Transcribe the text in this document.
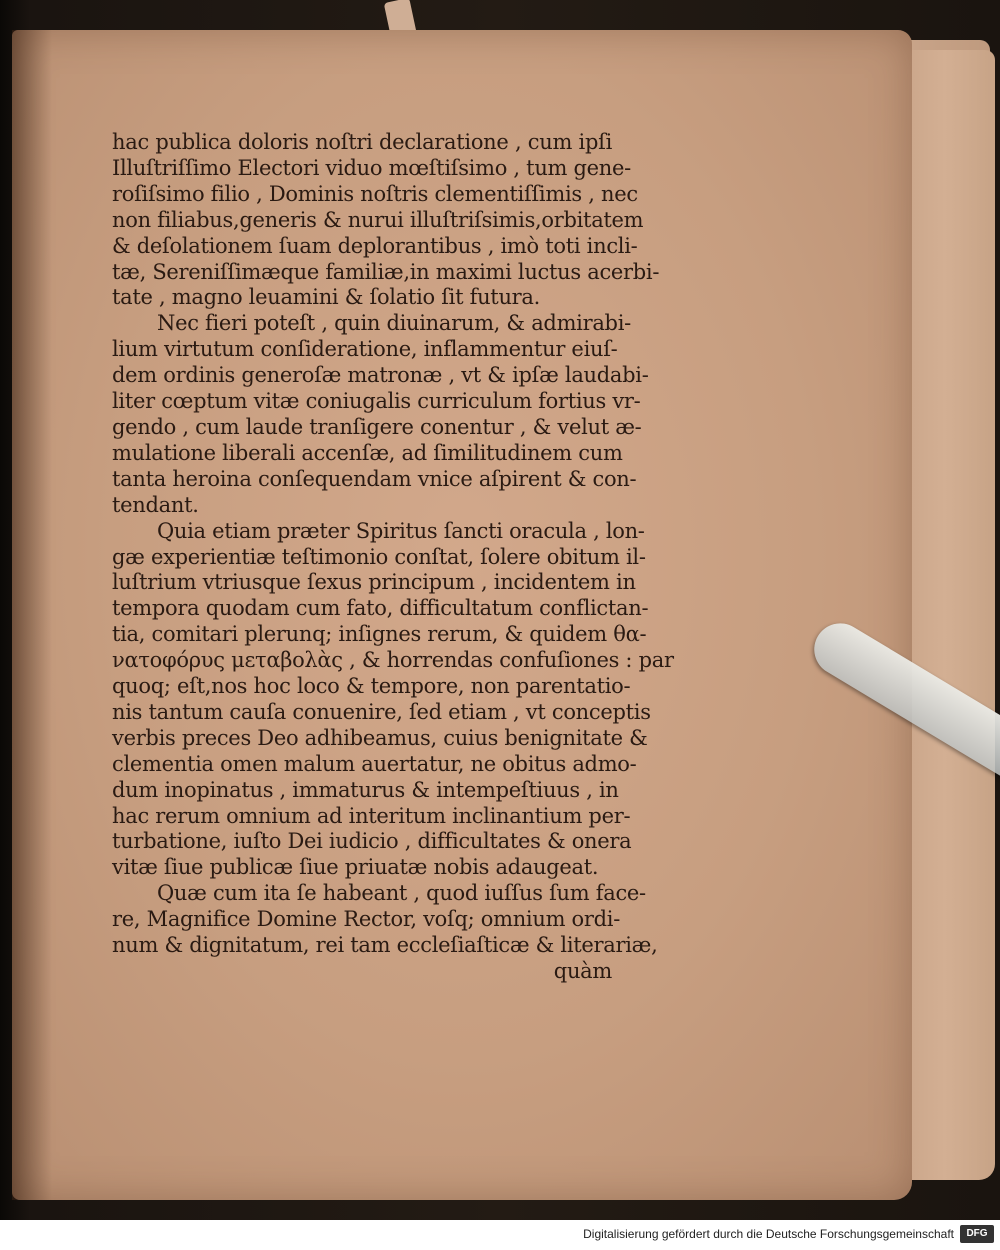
hac publica doloris noſtri declaratione , cum ipſi
Illuſtriſſimo Electori viduo mœſtiſsimo , tum gene-
roſiſsimo filio , Dominis noſtris clementiſſimis , nec
non filiabus,generis & nurui illuſtriſsimis,orbitatem
& deſolationem ſuam deplorantibus , imò toti incli-
tæ, Sereniſſimæque familiæ,in maximi luctus acerbi-
tate , magno leuamini & ſolatio ſit futura.
Nec fieri poteſt , quin diuinarum, & admirabi-
lium virtutum conſideratione, inflammentur eiuſ-
dem ordinis generoſæ matronæ , vt & ipſæ laudabi-
liter cœptum vitæ coniugalis curriculum fortius vr-
gendo , cum laude tranſigere conentur , & velut æ-
mulatione liberali accenſæ, ad ſimilitudinem cum
tanta heroina conſequendam vnice aſpirent & con-
tendant.
Quia etiam præter Spiritus ſancti oracula , lon-
gæ experientiæ teſtimonio conſtat, ſolere obitum il-
luſtrium vtriusque ſexus principum , incidentem in
tempora quodam cum fato, difficultatum conflictan-
tia, comitari plerunq; inſignes rerum, & quidem θα-
νατοφόρυς μεταβολὰς , & horrendas confuſiones : par
quoq; eſt,nos hoc loco & tempore, non parentatio-
nis tantum cauſa conuenire, ſed etiam , vt conceptis
verbis preces Deo adhibeamus, cuius benignitate &
clementia omen malum auertatur, ne obitus admo-
dum inopinatus , immaturus & intempeſtiuus , in
hac rerum omnium ad interitum inclinantium per-
turbatione, iuſto Dei iudicio , difficultates & onera
vitæ ſiue publicæ ſiue priuatæ nobis adaugeat.
Quæ cum ita ſe habeant , quod iuſſus ſum face-
re, Magnifice Domine Rector, voſq; omnium ordi-
num & dignitatum, rei tam eccleſiaſticæ & literariæ,
quàm
Digitalisierung gefördert durch die Deutsche Forschungsgemeinschaft	DFG
